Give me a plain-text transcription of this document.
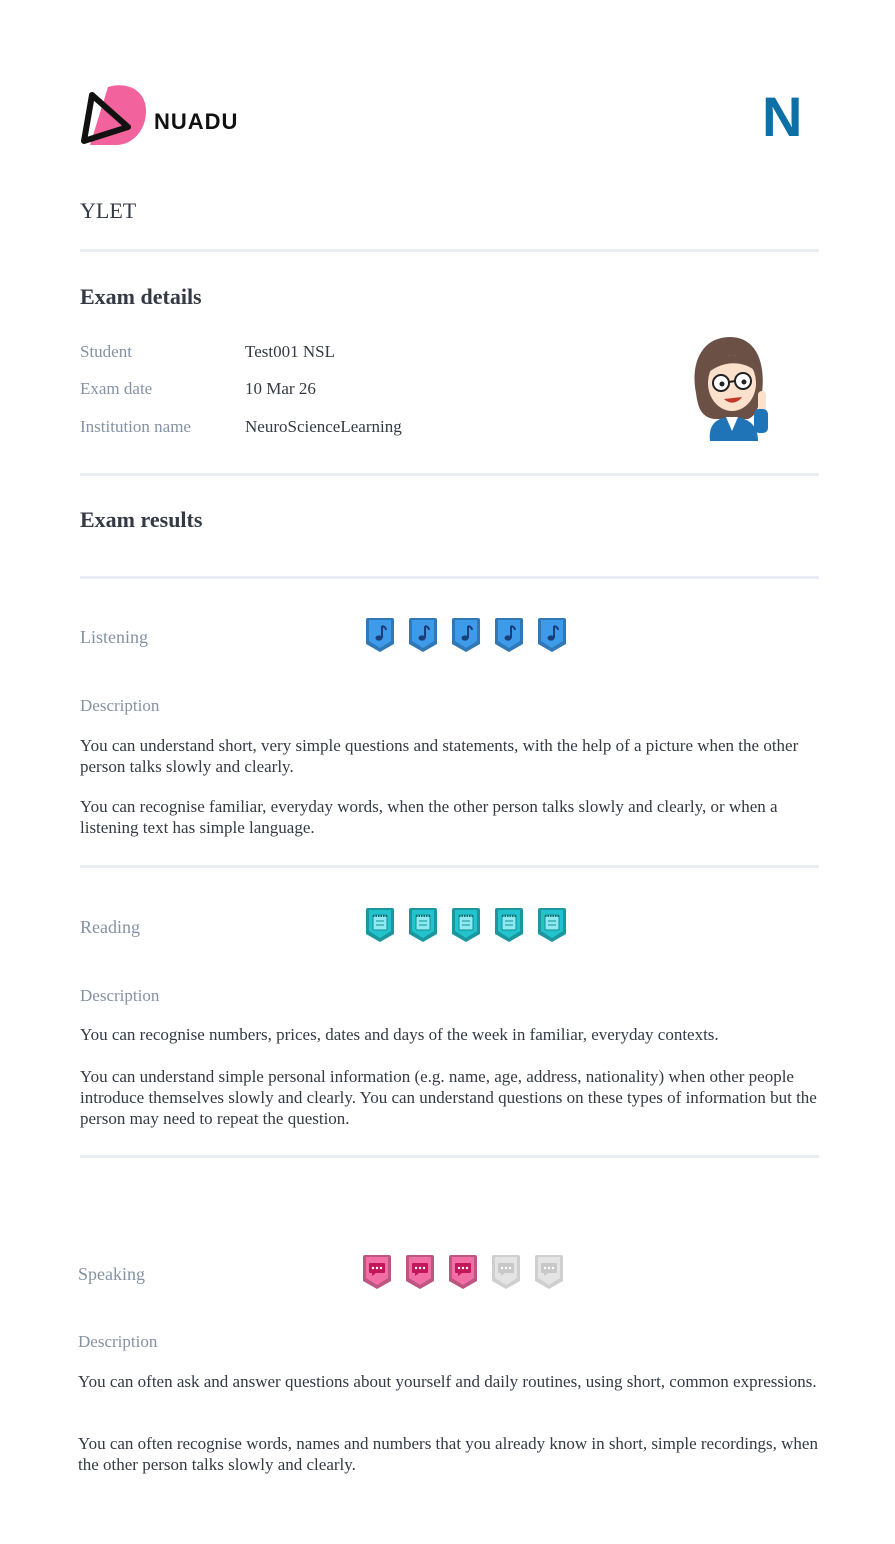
NUADU	N
YLET
Exam details
Student	Test001 NSL
Exam date	10 Mar 26
Institution name	NeuroScienceLearning
Exam results
Listening
Description

You can understand short, very simple questions and statements, with the help of a picture when the other person talks slowly and clearly.

You can recognise familiar, everyday words, when the other person talks slowly and clearly, or when a listening text has simple language.

Reading
Description

You can recognise numbers, prices, dates and days of the week in familiar, everyday contexts.

You can understand simple personal information (e.g. name, age, address, nationality) when other people introduce themselves slowly and clearly. You can understand questions on these types of information but the person may need to repeat the question.

Speaking
Description

You can often ask and answer questions about yourself and daily routines, using short, common expressions.

You can often recognise words, names and numbers that you already know in short, simple recordings, when the other person talks slowly and clearly.
